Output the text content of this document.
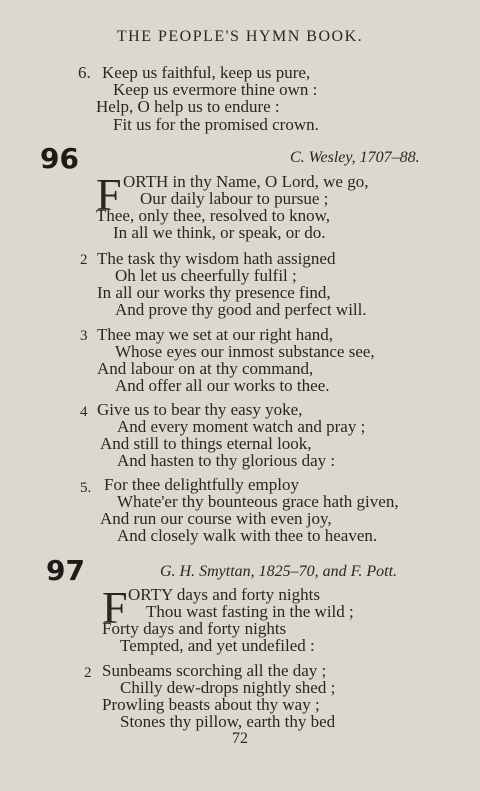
THE PEOPLE'S HYMN BOOK.
6. Keep us faithful, keep us pure,
Keep us evermore thine own :
Help, O help us to endure :
Fit us for the promised crown.
96	C. Wesley, 1707–88.
F ORTH in thy Name, O Lord, we go,
Our daily labour to pursue ;
Thee, only thee, resolved to know,
In all we think, or speak, or do.
2 The task thy wisdom hath assigned
Oh let us cheerfully fulfil ;
In all our works thy presence find,
And prove thy good and perfect will.
3 Thee may we set at our right hand,
Whose eyes our inmost substance see,
And labour on at thy command,
And offer all our works to thee.
4 Give us to bear thy easy yoke,
And every moment watch and pray ;
And still to things eternal look,
And hasten to thy glorious day :
5. For thee delightfully employ
Whate'er thy bounteous grace hath given,
And run our course with even joy,
And closely walk with thee to heaven.
97	G. H. Smyttan, 1825–70, and F. Pott.
F ORTY days and forty nights
Thou wast fasting in the wild ;
Forty days and forty nights
Tempted, and yet undefiled :
2 Sunbeams scorching all the day ;
Chilly dew-drops nightly shed ;
Prowling beasts about thy way ;
Stones thy pillow, earth thy bed
72
